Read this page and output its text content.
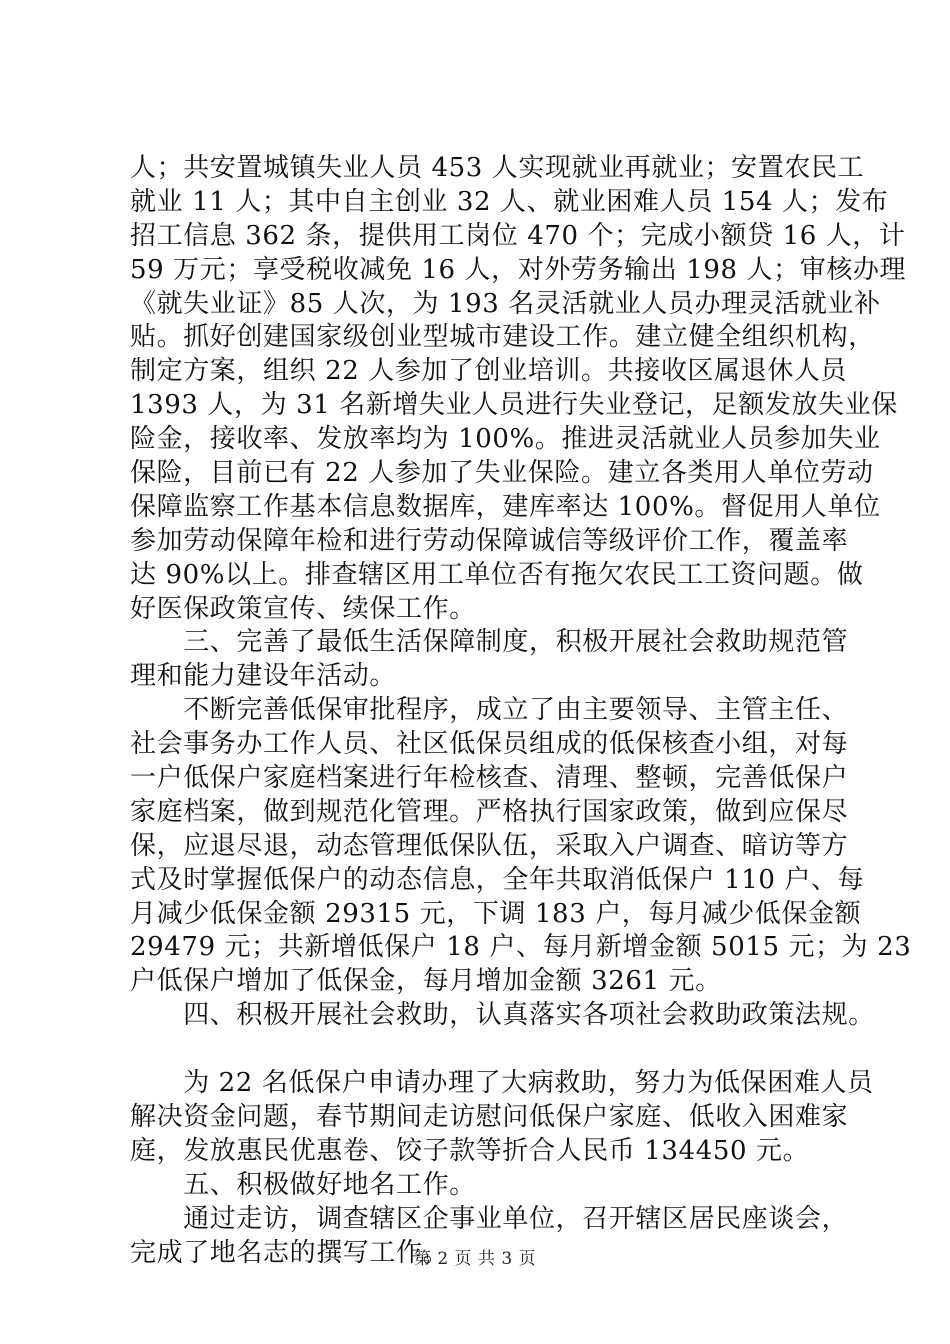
人；共安置城镇失业人员 453 人实现就业再就业；安置农民工
就业 11 人；其中自主创业 32 人、就业困难人员 154 人；发布
招工信息 362 条，提供用工岗位 470 个；完成小额贷 16 人，计
59 万元；享受税收减免 16 人，对外劳务输出 198 人；审核办理
《就失业证》85 人次，为 193 名灵活就业人员办理灵活就业补
贴。抓好创建国家级创业型城市建设工作。建立健全组织机构，
制定方案，组织 22 人参加了创业培训。共接收区属退休人员
1393 人，为 31 名新增失业人员进行失业登记，足额发放失业保
险金，接收率、发放率均为 100%。推进灵活就业人员参加失业
保险，目前已有 22 人参加了失业保险。建立各类用人单位劳动
保障监察工作基本信息数据库，建库率达 100%。督促用人单位
参加劳动保障年检和进行劳动保障诚信等级评价工作，覆盖率
达 90%以上。排查辖区用工单位否有拖欠农民工工资问题。做
好医保政策宣传、续保工作。
　　三、完善了最低生活保障制度，积极开展社会救助规范管
理和能力建设年活动。
　　不断完善低保审批程序，成立了由主要领导、主管主任、
社会事务办工作人员、社区低保员组成的低保核查小组，对每
一户低保户家庭档案进行年检核查、清理、整顿，完善低保户
家庭档案，做到规范化管理。严格执行国家政策，做到应保尽
保，应退尽退，动态管理低保队伍，采取入户调查、暗访等方
式及时掌握低保户的动态信息，全年共取消低保户 110 户、每
月减少低保金额 29315 元，下调 183 户，每月减少低保金额
29479 元；共新增低保户 18 户、每月新增金额 5015 元；为 23
户低保户增加了低保金，每月增加金额 3261 元。
　　四、积极开展社会救助，认真落实各项社会救助政策法规。
　　为 22 名低保户申请办理了大病救助，努力为低保困难人员
解决资金问题，春节期间走访慰问低保户家庭、低收入困难家
庭，发放惠民优惠卷、饺子款等折合人民币 134450 元。
　　五、积极做好地名工作。
　　通过走访，调查辖区企事业单位，召开辖区居民座谈会，
完成了地名志的撰写工作。
第 2 页 共 3 页
